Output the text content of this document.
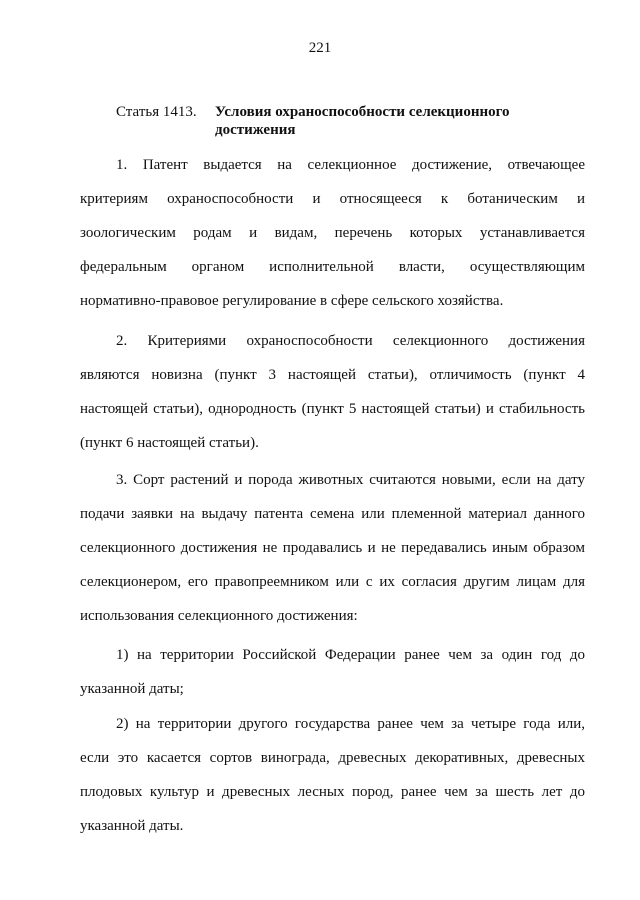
221
Статья 1413. Условия охраноспособности селекционного достижения
1. Патент выдается на селекционное достижение, отвечающее
критериям охраноспособности и относящееся к ботаническим и
зоологическим родам и видам, перечень которых устанавливается
федеральным органом исполнительной власти, осуществляющим
нормативно-правовое регулирование в сфере сельского хозяйства.
2. Критериями охраноспособности селекционного достижения
являются новизна (пункт 3 настоящей статьи), отличимость (пункт 4
настоящей статьи), однородность (пункт 5 настоящей статьи) и стабильность
(пункт 6 настоящей статьи).
3. Сорт растений и порода животных считаются новыми, если на дату
подачи заявки на выдачу патента семена или племенной материал данного
селекционного достижения не продавались и не передавались иным образом
селекционером, его правопреемником или с их согласия другим лицам для
использования селекционного достижения:
1) на территории Российской Федерации ранее чем за один год до
указанной даты;
2) на территории другого государства ранее чем за четыре года или,
если это касается сортов винограда, древесных декоративных, древесных
плодовых культур и древесных лесных пород, ранее чем за шесть лет до
указанной даты.
